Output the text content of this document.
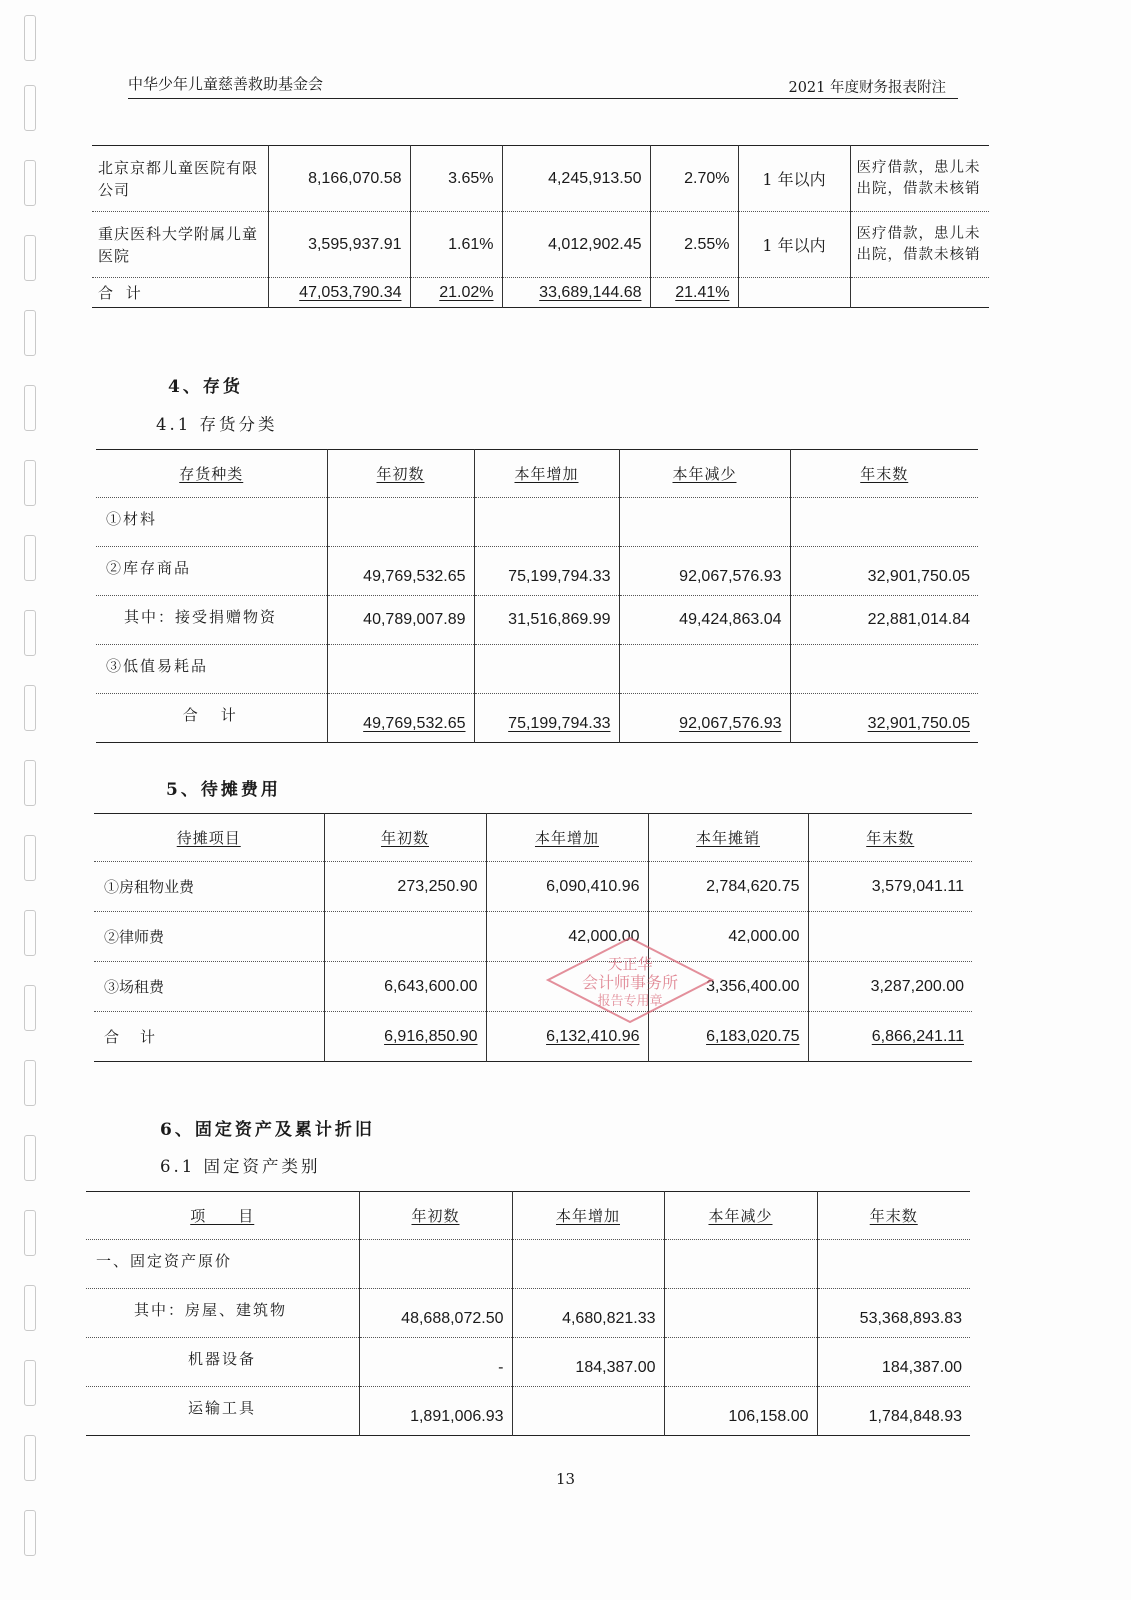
中华少年儿童慈善救助基金会	2021 年度财务报表附注
北京京都儿童医院有限公司	8,166,070.58	3.65%	4,245,913.50	2.70%	1 年以内	医疗借款，患儿未出院，借款未核销
重庆医科大学附属儿童医院	3,595,937.91	1.61%	4,012,902.45	2.55%	1 年以内	医疗借款，患儿未出院，借款未核销
合 计	47,053,790.34	21.02%	33,689,144.68	21.41%		
4、存货
4.1 存货分类
存货种类	年初数	本年增加	本年减少	年末数
①材料				
②库存商品	49,769,532.65	75,199,794.33	92,067,576.93	32,901,750.05
其中：接受捐赠物资	40,789,007.89	31,516,869.99	49,424,863.04	22,881,014.84
③低值易耗品				
合　计	49,769,532.65	75,199,794.33	92,067,576.93	32,901,750.05
5、待摊费用
待摊项目	年初数	本年增加	本年摊销	年末数
①房租物业费	273,250.90	6,090,410.96	2,784,620.75	3,579,041.11
②律师费		42,000.00	42,000.00	
③场租费	6,643,600.00		3,356,400.00	3,287,200.00
合　计	6,916,850.90	6,132,410.96	6,183,020.75	6,866,241.11
天正华
会计师事务所
报告专用章
6、固定资产及累计折旧
6.1 固定资产类别
项　　目	年初数	本年增加	本年减少	年末数
一、固定资产原价				
其中：房屋、建筑物	48,688,072.50	4,680,821.33		53,368,893.83
机器设备	-	184,387.00		184,387.00
运输工具	1,891,006.93		106,158.00	1,784,848.93
13
